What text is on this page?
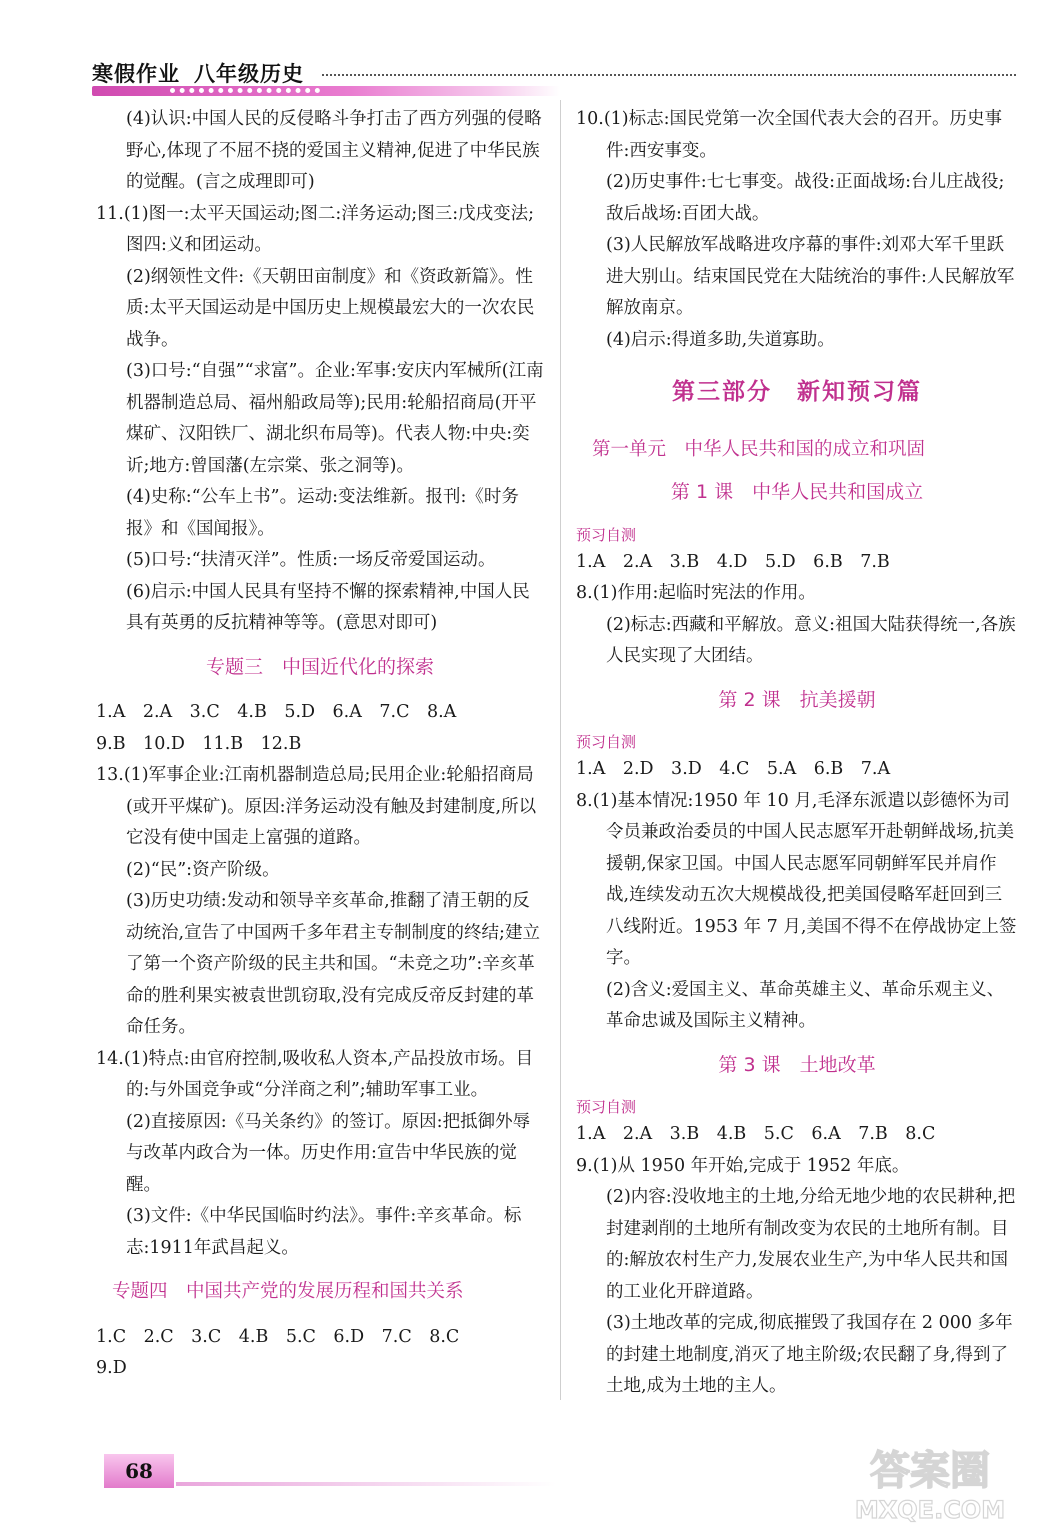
寒假作业 八年级历史
(4)认识:中国人民的反侵略斗争打击了西方列强的侵略野心,体现了不屈不挠的爱国主义精神,促进了中华民族的觉醒。(言之成理即可)
11.(1)图一:太平天国运动;图二:洋务运动;图三:戊戌变法;图四:义和团运动。
(2)纲领性文件:《天朝田亩制度》和《资政新篇》。性质:太平天国运动是中国历史上规模最宏大的一次农民战争。
(3)口号:“自强”“求富”。企业:军事:安庆内军械所(江南机器制造总局、福州船政局等);民用:轮船招商局(开平煤矿、汉阳铁厂、湖北织布局等)。代表人物:中央:奕䜣;地方:曾国藩(左宗棠、张之洞等)。
(4)史称:“公车上书”。运动:变法维新。报刊:《时务报》和《国闻报》。
(5)口号:“扶清灭洋”。性质:一场反帝爱国运动。
(6)启示:中国人民具有坚持不懈的探索精神,中国人民具有英勇的反抗精神等等。(意思对即可)
专题三　中国近代化的探索
1.A　2.A　3.C　4.B　5.D　6.A　7.C　8.A
9.B　10.D　11.B　12.B
13.(1)军事企业:江南机器制造总局;民用企业:轮船招商局(或开平煤矿)。原因:洋务运动没有触及封建制度,所以它没有使中国走上富强的道路。
(2)“民”:资产阶级。
(3)历史功绩:发动和领导辛亥革命,推翻了清王朝的反动统治,宣告了中国两千多年君主专制制度的终结;建立了第一个资产阶级的民主共和国。“未竞之功”:辛亥革命的胜利果实被袁世凯窃取,没有完成反帝反封建的革命任务。
14.(1)特点:由官府控制,吸收私人资本,产品投放市场。目的:与外国竞争或“分洋商之利”;辅助军事工业。
(2)直接原因:《马关条约》的签订。原因:把抵御外辱与改革内政合为一体。历史作用:宣告中华民族的觉醒。
(3)文件:《中华民国临时约法》。事件:辛亥革命。标志:1911年武昌起义。
专题四　中国共产党的发展历程和国共关系
1.C　2.C　3.C　4.B　5.C　6.D　7.C　8.C
9.D
10.(1)标志:国民党第一次全国代表大会的召开。历史事件:西安事变。
(2)历史事件:七七事变。战役:正面战场:台儿庄战役;敌后战场:百团大战。
(3)人民解放军战略进攻序幕的事件:刘邓大军千里跃进大别山。结束国民党在大陆统治的事件:人民解放军解放南京。
(4)启示:得道多助,失道寡助。
第三部分　新知预习篇
第一单元　中华人民共和国的成立和巩固
第 1 课　中华人民共和国成立
预习自测
1.A　2.A　3.B　4.D　5.D　6.B　7.B
8.(1)作用:起临时宪法的作用。
(2)标志:西藏和平解放。意义:祖国大陆获得统一,各族人民实现了大团结。
第 2 课　抗美援朝
预习自测
1.A　2.D　3.D　4.C　5.A　6.B　7.A
8.(1)基本情况:1950 年 10 月,毛泽东派遣以彭德怀为司令员兼政治委员的中国人民志愿军开赴朝鲜战场,抗美援朝,保家卫国。中国人民志愿军同朝鲜军民并肩作战,连续发动五次大规模战役,把美国侵略军赶回到三八线附近。1953 年 7 月,美国不得不在停战协定上签字。
(2)含义:爱国主义、革命英雄主义、革命乐观主义、革命忠诚及国际主义精神。
第 3 课　土地改革
预习自测
1.A　2.A　3.B　4.B　5.C　6.A　7.B　8.C
9.(1)从 1950 年开始,完成于 1952 年底。
(2)内容:没收地主的土地,分给无地少地的农民耕种,把封建剥削的土地所有制改变为农民的土地所有制。目的:解放农村生产力,发展农业生产,为中华人民共和国的工业化开辟道路。
(3)土地改革的完成,彻底摧毁了我国存在 2 000 多年的封建土地制度,消灭了地主阶级;农民翻了身,得到了土地,成为土地的主人。
68	答案圈
MXQE.COM
